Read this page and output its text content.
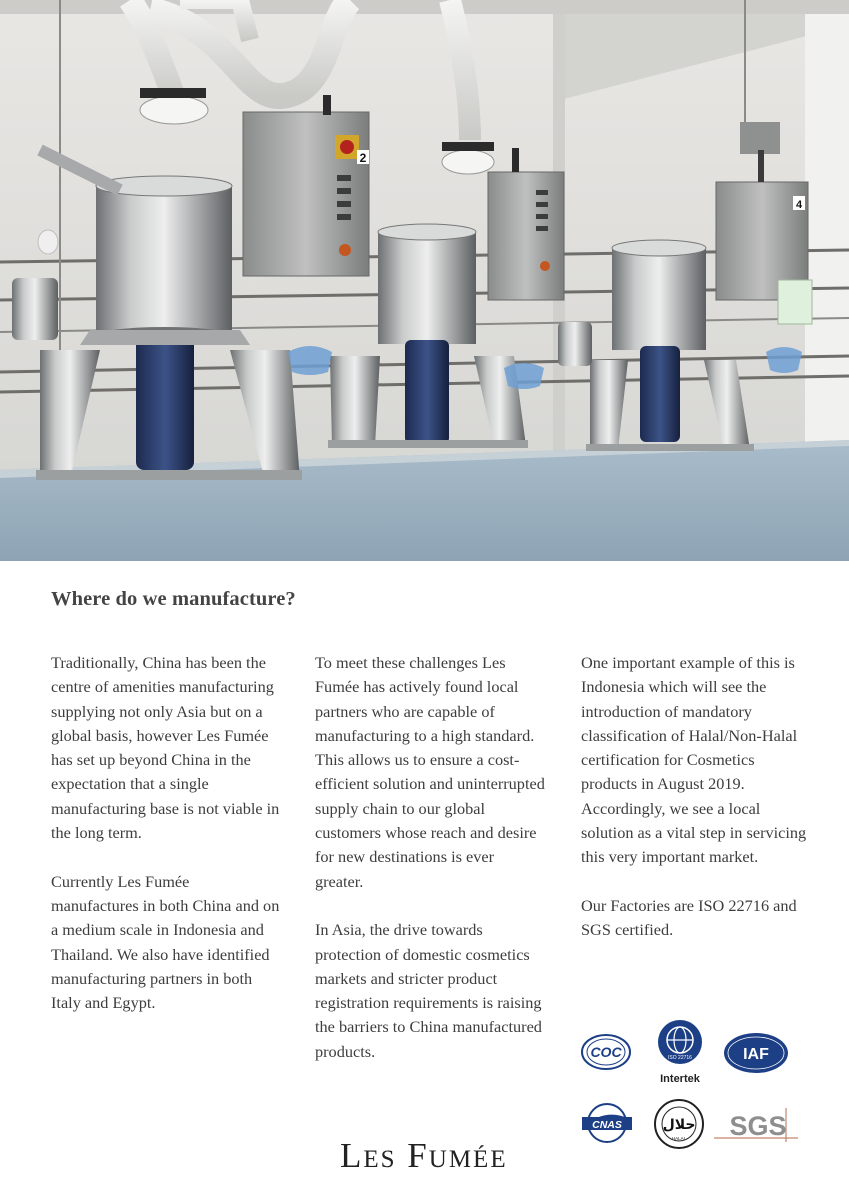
2
4
Where do we manufacture?

Traditionally, China has been the centre of amenities manufacturing supplying not only Asia but on a global basis, however Les Fumée has set up beyond China in the expectation that a single manufacturing base is not viable in the long term.

Currently Les Fumée manufactures in both China and on a medium scale in Indonesia and Thailand. We also have identified manufacturing partners in both Italy and Egypt.

To meet these challenges Les Fumée has actively found local partners who are capable of manufacturing to a high standard. This allows us to ensure a cost-efficient solution and uninterrupted supply chain to our global customers whose reach and desire for new destinations is ever greater.

In Asia, the drive towards protection of domestic cosmetics markets and stricter product registration requirements is raising the barriers to China manufactured products.

One important example of this is Indonesia which will see the introduction of mandatory classification of Halal/Non-Halal certification for Cosmetics products in August 2019. Accordingly, we see a local solution as a vital step in servicing this very important market.

Our Factories are ISO 22716 and SGS certified.

COC	ISO 22716
Intertek
IAF
CNAS	حلال
HALAL SGS
Les Fumée
